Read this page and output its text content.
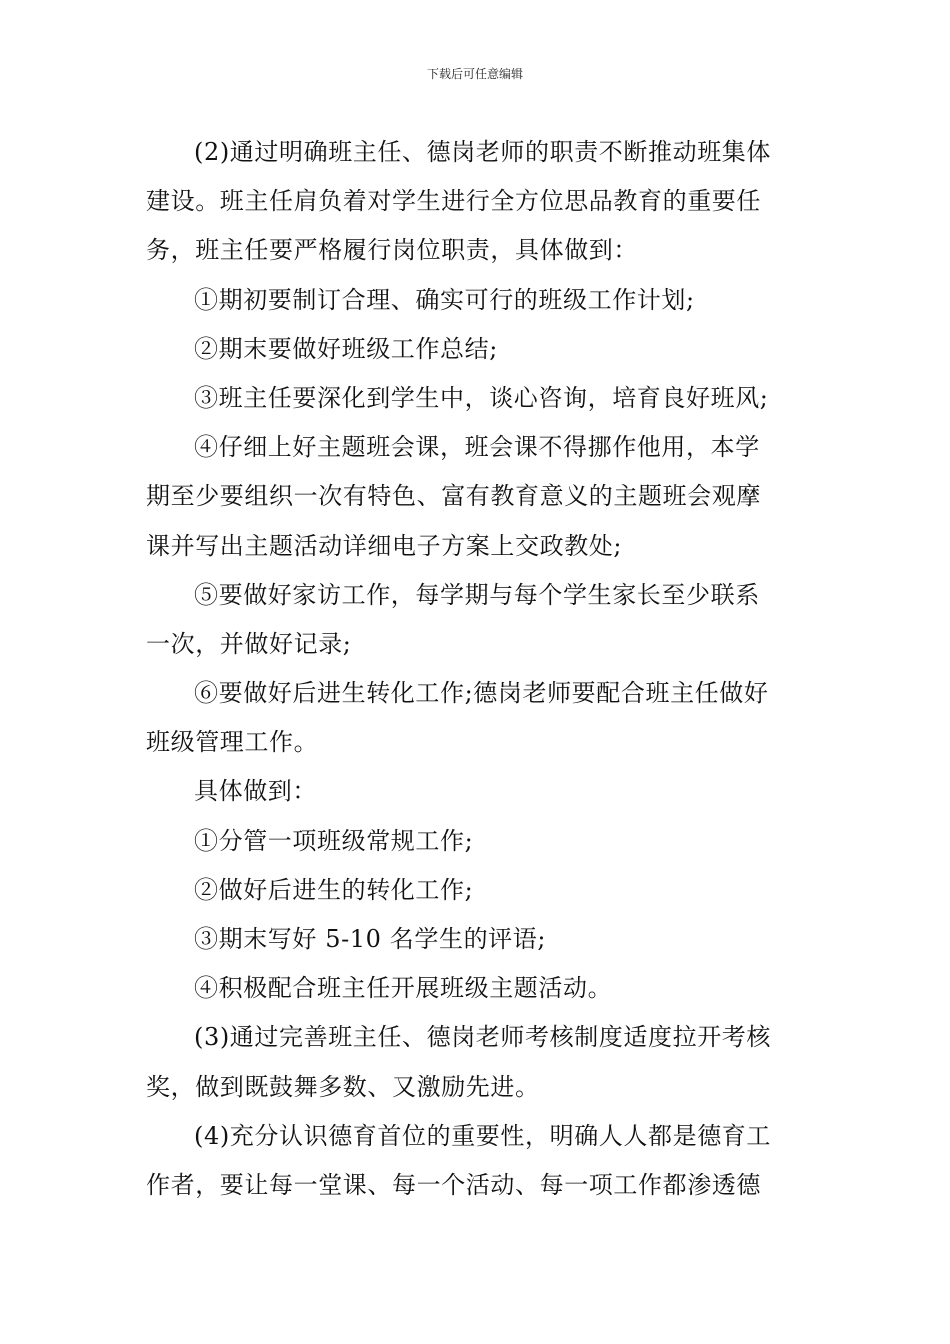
下载后可任意编辑
(2)通过明确班主任、德岗老师的职责不断推动班集体
建设。班主任肩负着对学生进行全方位思品教育的重要任
务，班主任要严格履行岗位职责，具体做到：
①期初要制订合理、确实可行的班级工作计划;
②期末要做好班级工作总结;
③班主任要深化到学生中，谈心咨询，培育良好班风;
④仔细上好主题班会课，班会课不得挪作他用，本学
期至少要组织一次有特色、富有教育意义的主题班会观摩
课并写出主题活动详细电子方案上交政教处;
⑤要做好家访工作，每学期与每个学生家长至少联系
一次，并做好记录;
⑥要做好后进生转化工作;德岗老师要配合班主任做好
班级管理工作。
具体做到：
①分管一项班级常规工作;
②做好后进生的转化工作;
③期末写好 5-10 名学生的评语;
④积极配合班主任开展班级主题活动。
(3)通过完善班主任、德岗老师考核制度适度拉开考核
奖，做到既鼓舞多数、又激励先进。
(4)充分认识德育首位的重要性，明确人人都是德育工
作者，要让每一堂课、每一个活动、每一项工作都渗透德
